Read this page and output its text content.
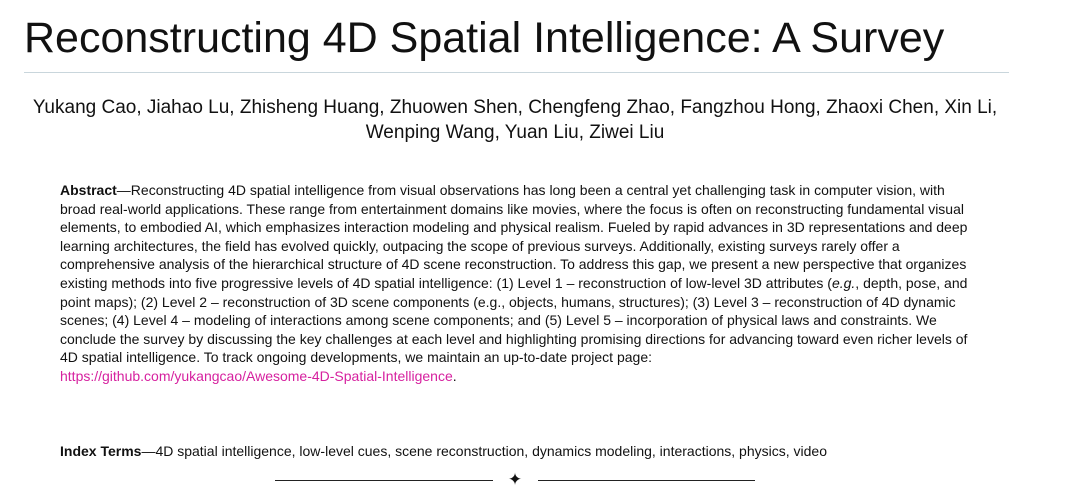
Reconstructing 4D Spatial Intelligence: A Survey
Yukang Cao, Jiahao Lu, Zhisheng Huang, Zhuowen Shen, Chengfeng Zhao, Fangzhou Hong, Zhaoxi Chen, Xin Li, Wenping Wang, Yuan Liu, Ziwei Liu
Abstract—Reconstructing 4D spatial intelligence from visual observations has long been a central yet challenging task in computer vision, with broad real-world applications. These range from entertainment domains like movies, where the focus is often on reconstructing fundamental visual elements, to embodied AI, which emphasizes interaction modeling and physical realism. Fueled by rapid advances in 3D representations and deep learning architectures, the field has evolved quickly, outpacing the scope of previous surveys. Additionally, existing surveys rarely offer a comprehensive analysis of the hierarchical structure of 4D scene reconstruction. To address this gap, we present a new perspective that organizes existing methods into five progressive levels of 4D spatial intelligence: (1) Level 1 – reconstruction of low-level 3D attributes (e.g., depth, pose, and point maps); (2) Level 2 – reconstruction of 3D scene components (e.g., objects, humans, structures); (3) Level 3 – reconstruction of 4D dynamic scenes; (4) Level 4 – modeling of interactions among scene components; and (5) Level 5 – incorporation of physical laws and constraints. We conclude the survey by discussing the key challenges at each level and highlighting promising directions for advancing toward even richer levels of 4D spatial intelligence. To track ongoing developments, we maintain an up-to-date project page:
https://github.com/yukangcao/Awesome-4D-Spatial-Intelligence.
Index Terms—4D spatial intelligence, low-level cues, scene reconstruction, dynamics modeling, interactions, physics, video
✦
